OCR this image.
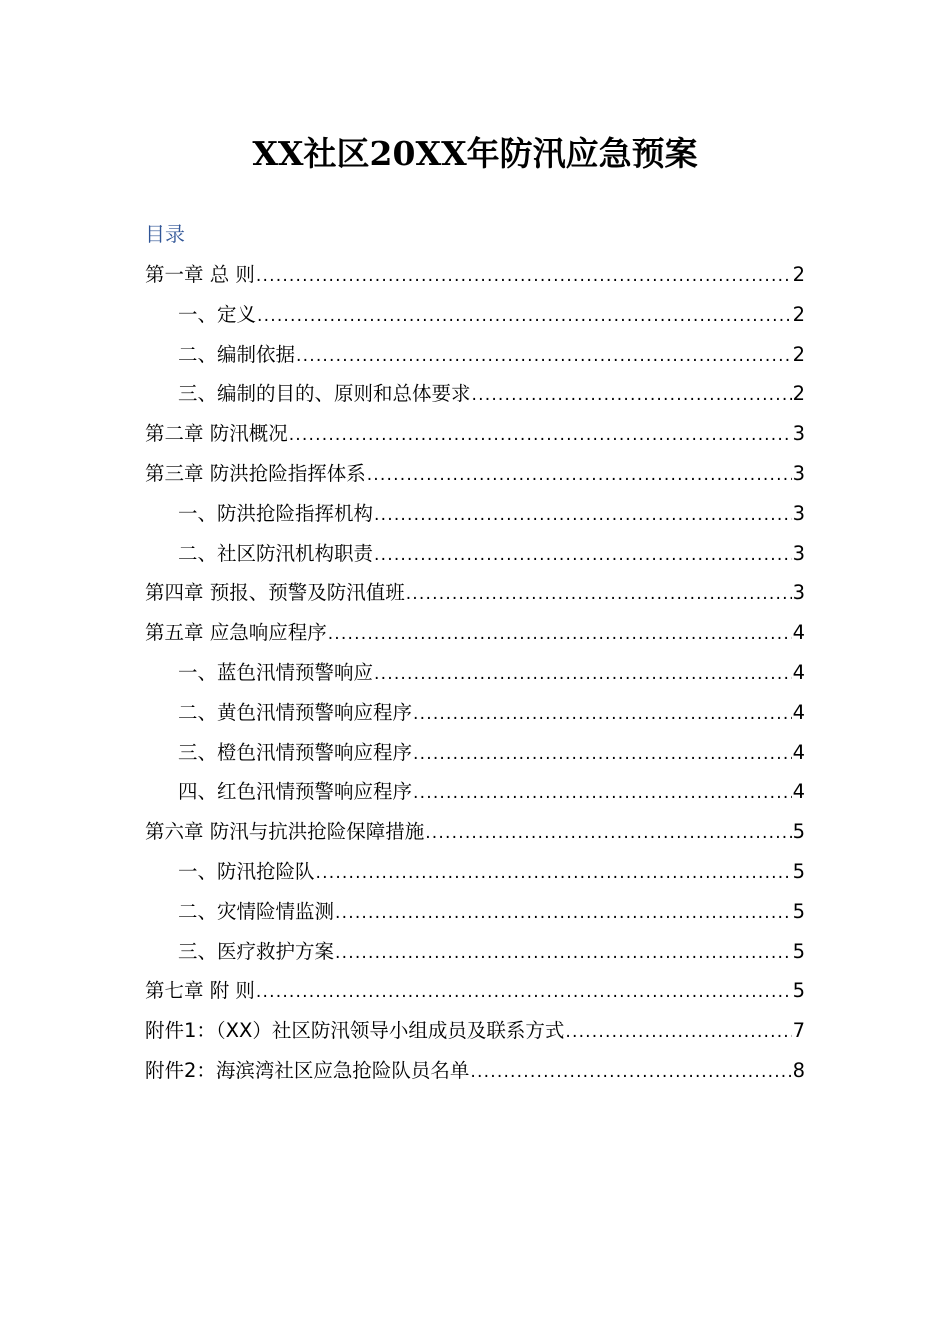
XX社区20XX年防汛应急预案
目录
第一章 总 则 .....	2
一、定义 .....	2
二、编制依据 .....	2
三、编制的目的、原则和总体要求 .....	2
第二章 防汛概况 .....	3
第三章 防洪抢险指挥体系 .....	3
一、防洪抢险指挥机构 .....	3
二、社区防汛机构职责 .....	3
第四章 预报、预警及防汛值班 .....	3
第五章 应急响应程序 .....	4
一、蓝色汛情预警响应 .....	4
二、黄色汛情预警响应程序 .....	4
三、橙色汛情预警响应程序 .....	4
四、红色汛情预警响应程序 .....	4
第六章 防汛与抗洪抢险保障措施 .....	5
一、防汛抢险队 .....	5
二、灾情险情监测 .....	5
三、医疗救护方案 .....	5
第七章 附 则 .....	5
附件1：（XX）社区防汛领导小组成员及联系方式 .....	7
附件2：海滨湾社区应急抢险队员名单 .....	8
